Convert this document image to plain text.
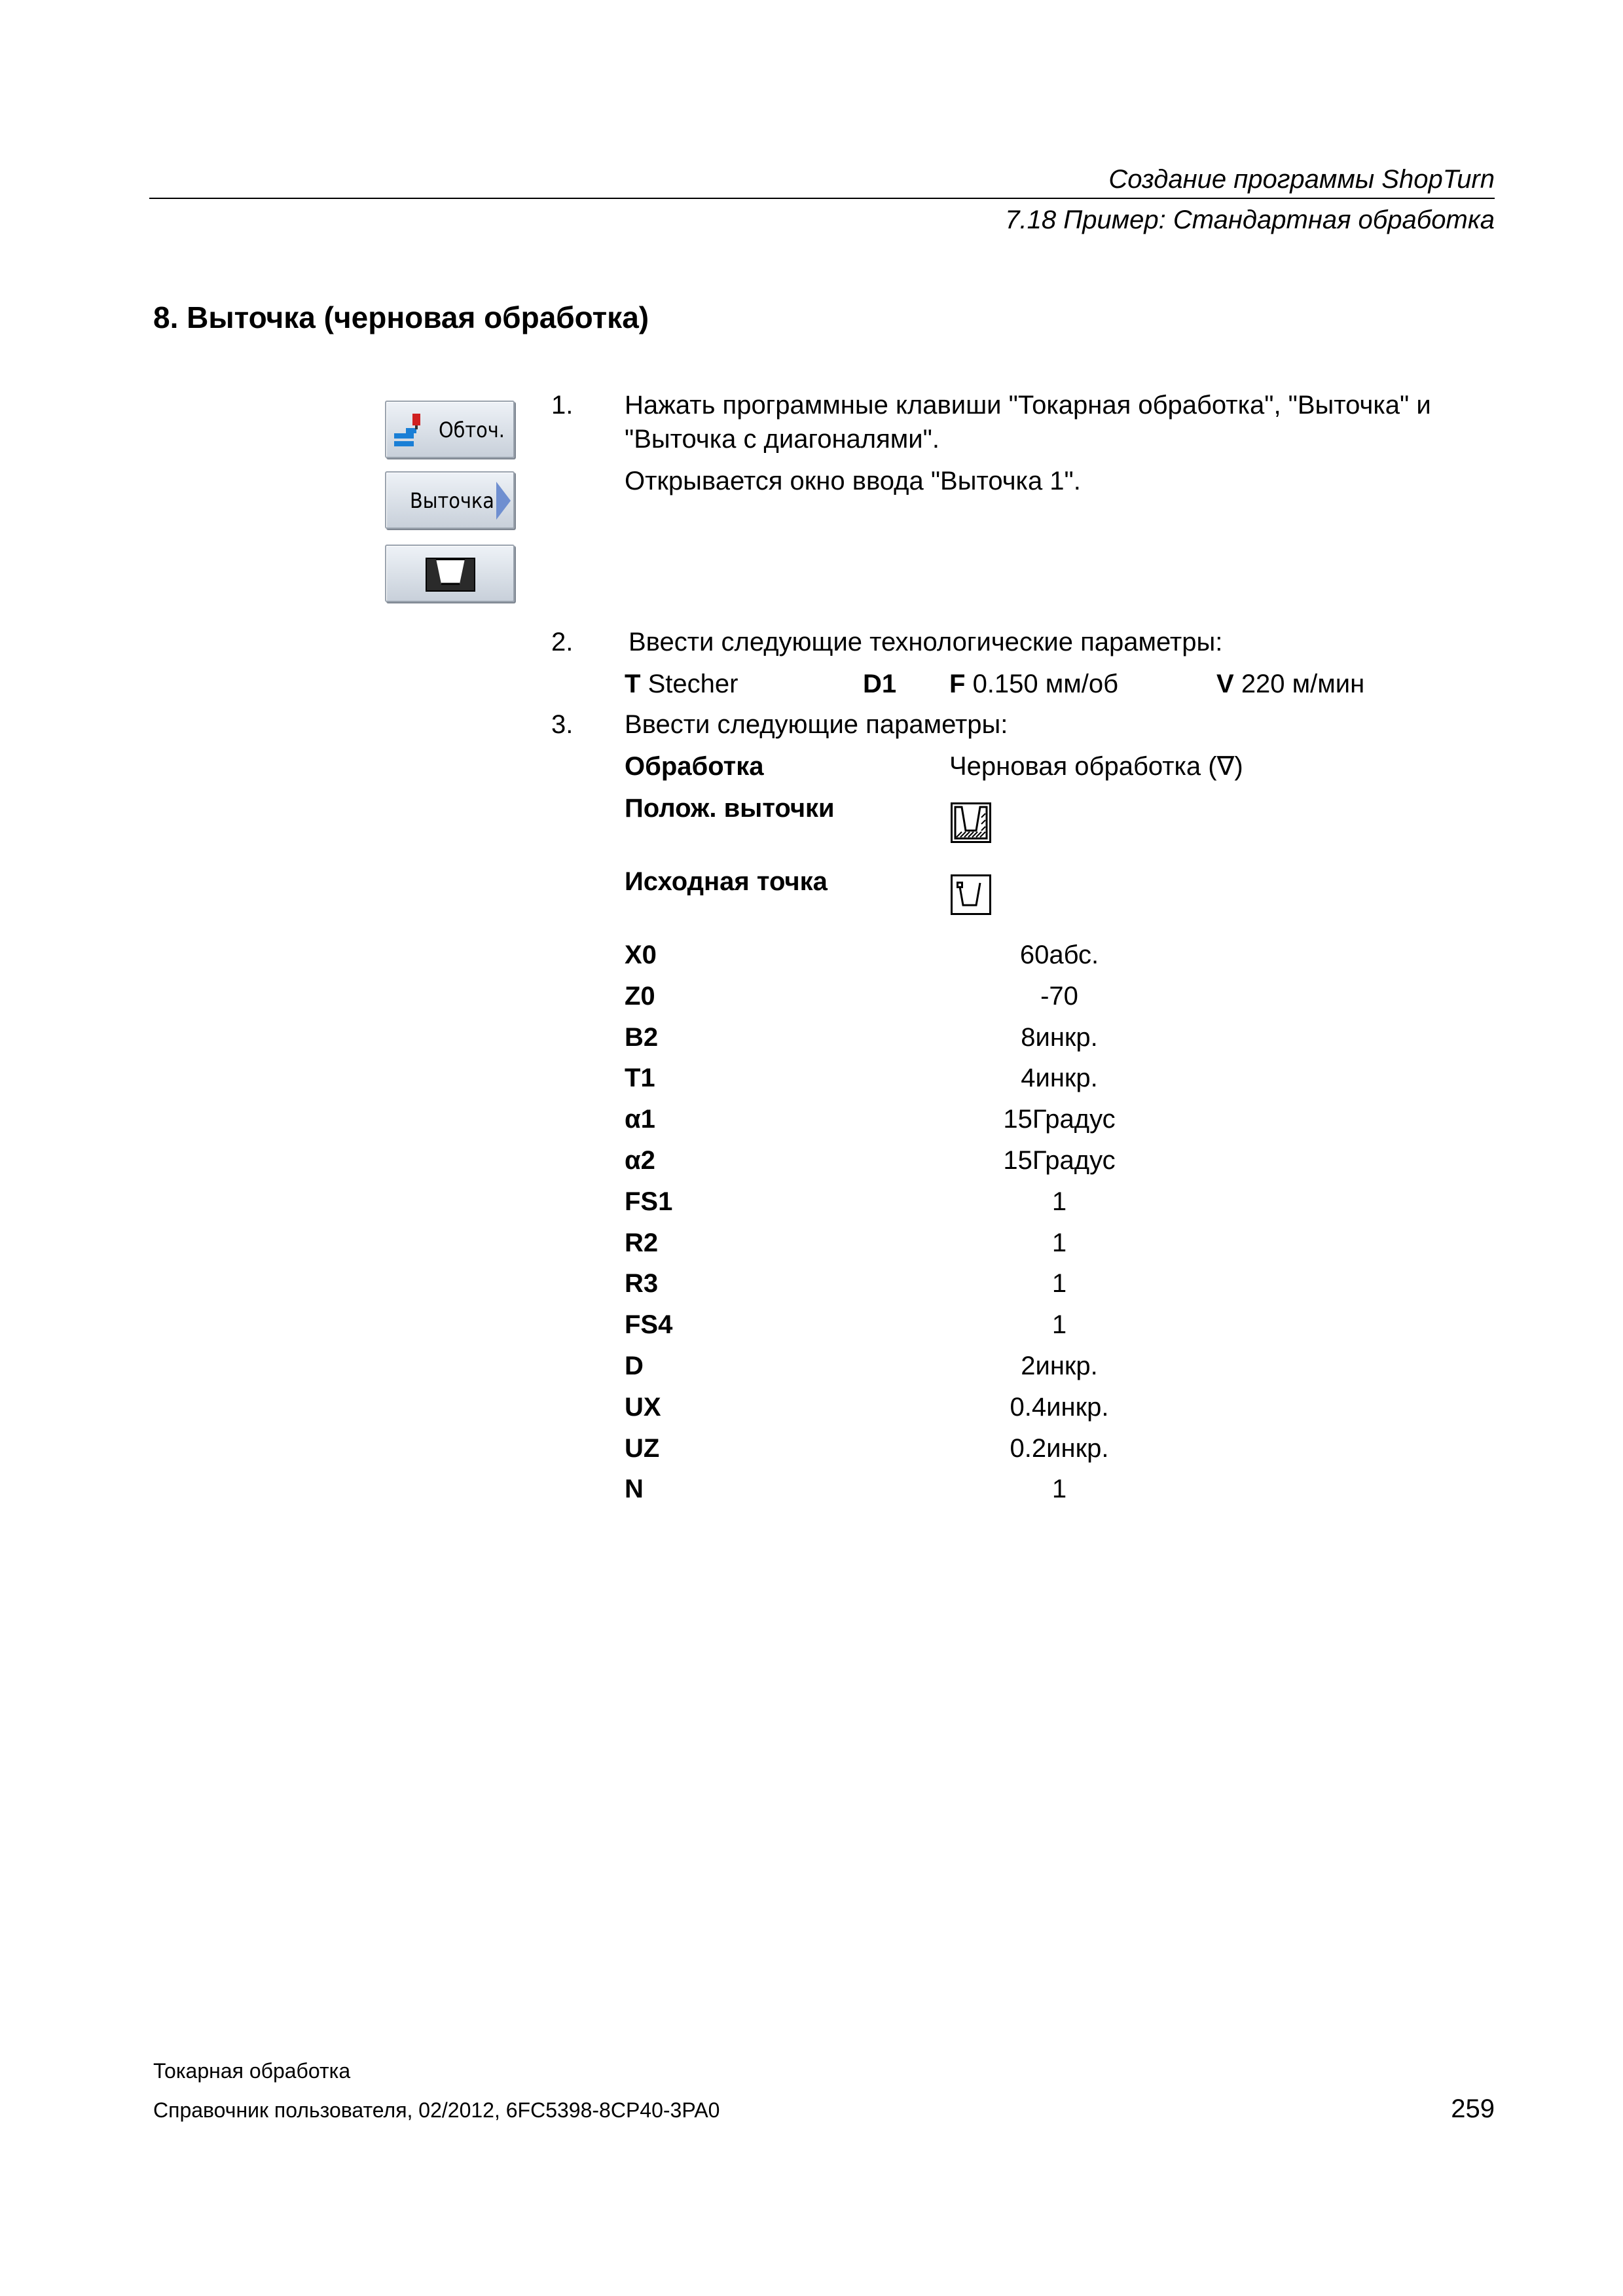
Создание программы ShopTurn
7.18 Пример: Стандартная обработка
8. Выточка (черновая обработка)
Обточ.
Выточка
1. Нажать программные клавиши "Токарная обработка", "Выточка" и
"Выточка с диагоналями".
Открывается окно ввода "Выточка 1".
2. Ввести следующие технологические параметры:
T Stecher	D1 F 0.150 мм/об	V 220 м/мин
3. Ввести следующие параметры:
Обработка	Черновая обработка (∇)
Полож. выточки
Исходная точка
X0	60абс.
Z0	-70
B2	8инкр.
T1	4инкр.
α1	15Градус
α2	15Градус
FS1	1
R2	1
R3	1
FS4	1
D	2инкр.
UX	0.4инкр.
UZ	0.2инкр.
N	1
Токарная обработка
Справочник пользователя, 02/2012, 6FC5398-8CP40-3PA0	259
